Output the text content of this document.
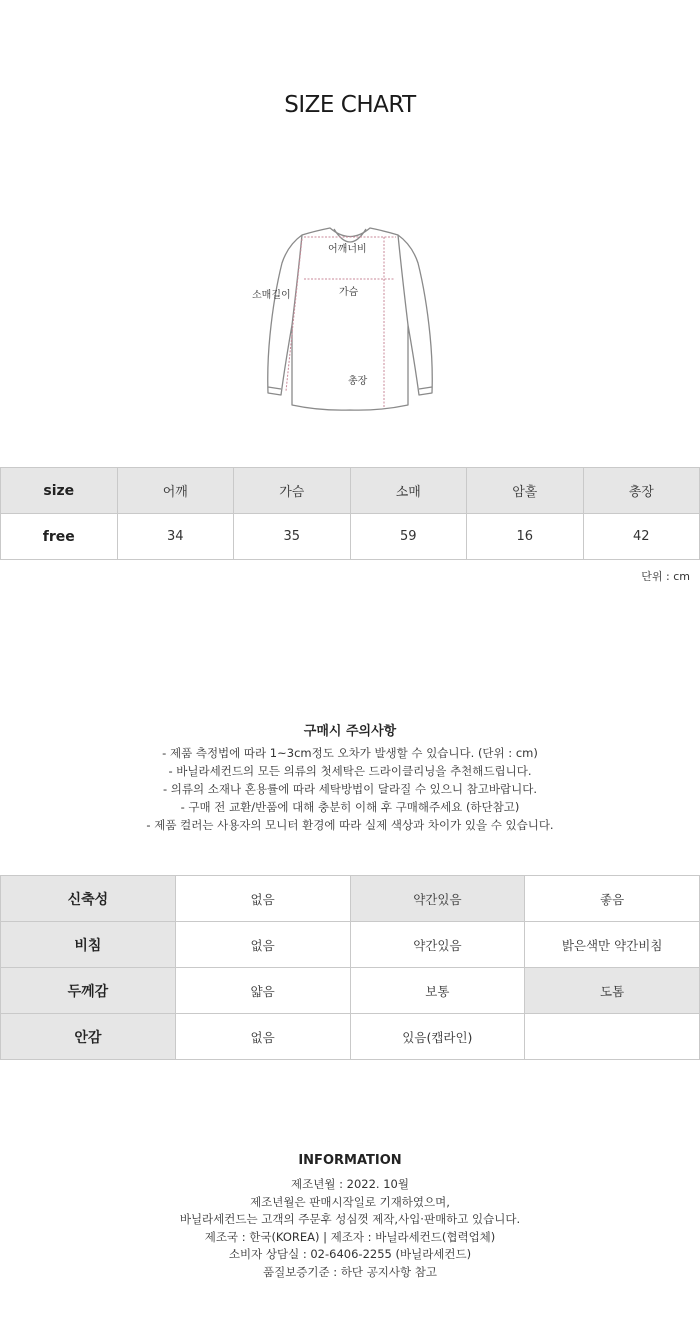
SIZE CHART
어깨너비
소매길이	가슴
총장
size	어깨	가슴	소매	암홀	총장
free	34	35	59	16	42
단위 : cm
구매시 주의사항
- 제품 측정법에 따라 1~3cm정도 오차가 발생할 수 있습니다. (단위 : cm)
- 바닐라세컨드의 모든 의류의 첫세탁은 드라이클리닝을 추천해드립니다.
- 의류의 소재나 혼용률에 따라 세탁방법이 달라질 수 있으니 참고바랍니다.
- 구매 전 교환/반품에 대해 충분히 이해 후 구매해주세요 (하단참고)
- 제품 컬러는 사용자의 모니터 환경에 따라 실제 색상과 차이가 있을 수 있습니다.
신축성	없음	약간있음	좋음
비침	없음	약간있음	밝은색만 약간비침
두께감	얇음	보통	도톰
안감	없음	있음(캡라인)	
INFORMATION
제조년월 : 2022. 10월
제조년월은 판매시작일로 기재하였으며,
바닐라세컨드는 고객의 주문후 성심껏 제작,사입·판매하고 있습니다.
제조국 : 한국(KOREA) | 제조자 : 바닐라세컨드(협력업체)
소비자 상담실 : 02-6406-2255 (바닐라세컨드)
품질보증기준 : 하단 공지사항 참고
